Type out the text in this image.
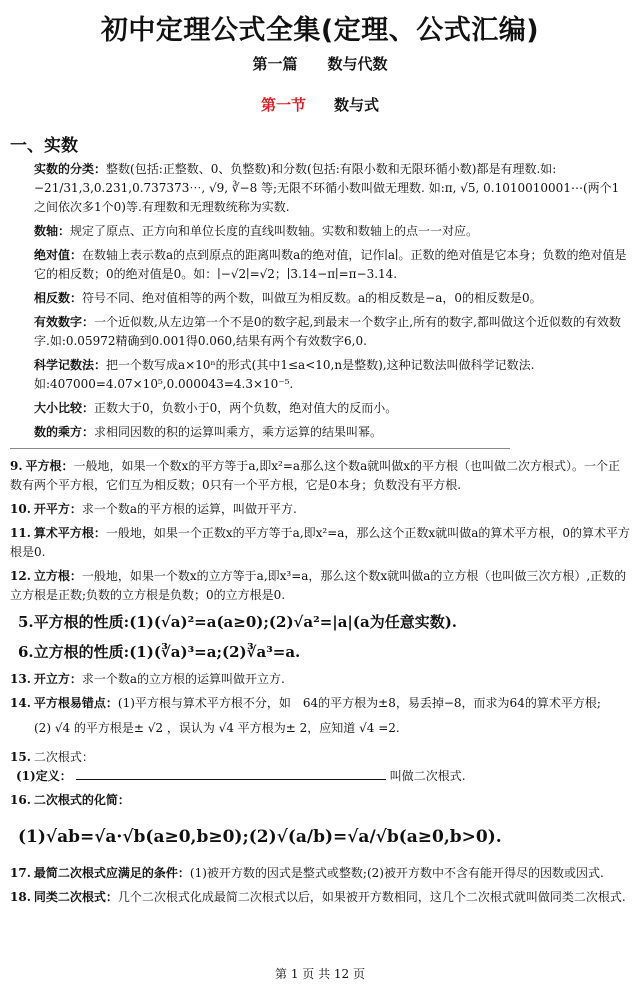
初中定理公式全集(定理、公式汇编)
第一篇　　数与代数
第一节 数与式
一、实数
实数的分类：整数(包括:正整数、0、负整数)和分数(包括:有限小数和无限环循小数)都是有理数.如:−21/31,3,0.231,0.737373⋯, √9, ∛−8 等;无限不环循小数叫做无理数. 如:π, √5, 0.1010010001⋯(两个1之间依次多1个0)等.有理数和无理数统称为实数.
数轴：规定了原点、正方向和单位长度的直线叫数轴。实数和数轴上的点一一对应。
绝对值：在数轴上表示数a的点到原点的距离叫数a的绝对值，记作∣a∣。正数的绝对值是它本身；负数的绝对值是它的相反数；0的绝对值是0。如：∣−√2∣=√2；∣3.14−π∣=π−3.14.
相反数：符号不同、绝对值相等的两个数，叫做互为相反数。a的相反数是−a，0的相反数是0。
有效数字：一个近似数,从左边第一个不是0的数字起,到最末一个数字止,所有的数字,都叫做这个近似数的有效数字.如:0.05972精确到0.001得0.060,结果有两个有效数字6,0.
科学记数法：把一个数写成a×10ⁿ的形式(其中1≤a<10,n是整数),这种记数法叫做科学记数法. 如:407000=4.07×10⁵,0.000043=4.3×10⁻⁵.
大小比较：正数大于0，负数小于0，两个负数，绝对值大的反而小。
数的乘方：求相同因数的积的运算叫乘方，乘方运算的结果叫幂。
9. 平方根：一般地，如果一个数x的平方等于a,即x²=a那么这个数a就叫做x的平方根（也叫做二次方根式）。一个正数有两个平方根，它们互为相反数；0只有一个平方根，它是0本身；负数没有平方根.
10. 开平方：求一个数a的平方根的运算，叫做开平方.
11. 算术平方根：一般地，如果一个正数x的平方等于a,即x²=a，那么这个正数x就叫做a的算术平方根，0的算术平方根是0.
12. 立方根：一般地，如果一个数x的立方等于a,即x³=a，那么这个数x就叫做a的立方根（也叫做三次方根）,正数的立方根是正数;负数的立方根是负数；0的立方根是0.
5.平方根的性质:(1)(√a)²=a(a≥0);(2)√a²=|a|(a为任意实数).
6.立方根的性质:(1)(∛a)³=a;(2)∛a³=a.
13. 开立方：求一个数a的立方根的运算叫做开立方.
14. 平方根易错点：(1)平方根与算术平方根不分，如　64的平方根为±8，易丢掉−8，而求为64的算术平方根;
(2) √4 的平方根是± √2 ，误认为 √4 平方根为± 2，应知道 √4 =2.
15. 二次根式：
(1)定义：	叫做二次根式.
16. 二次根式的化简：
(1)√ab=√a·√b(a≥0,b≥0);(2)√(a/b)=√a/√b(a≥0,b>0).
17. 最简二次根式应满足的条件：(1)被开方数的因式是整式或整数;(2)被开方数中不含有能开得尽的因数或因式.
18. 同类二次根式：几个二次根式化成最简二次根式以后，如果被开方数相同，这几个二次根式就叫做同类二次根式.
第 1 页 共 12 页
